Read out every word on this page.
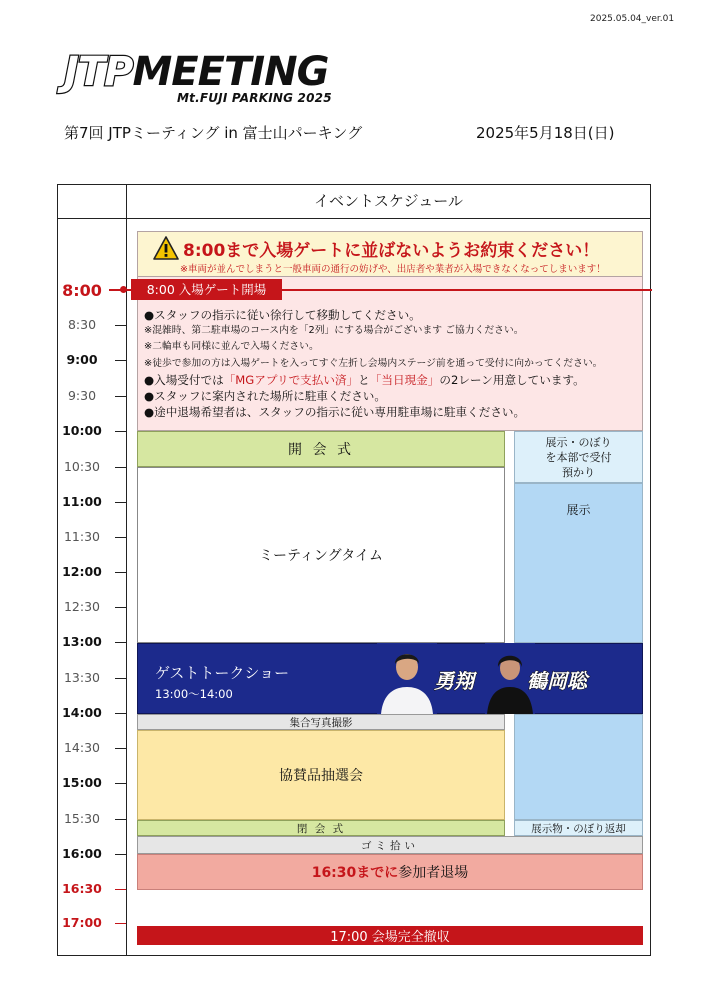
2025.05.04_ver.01
JTPMEETING
Mt.FUJI PARKING 2025
第7回 JTPミーティング in 富士山パーキング	2025年5月18日(日)
イベントスケジュール
8:00
8:30
9:00
9:30
10:00
10:30
11:00
11:30
12:00
12:30
13:00
13:30
14:00
14:30
15:00
15:30
16:00
16:30
17:00
8:00まで入場ゲートに並ばないようお約束ください！
※車両が並んでしまうと一般車両の通行の妨げや、出店者や業者が入場できなくなってしまいます！
8:00 入場ゲート開場
●スタッフの指示に従い徐行して移動してください。
※混雑時、第二駐車場のコース内を「2列」にする場合がございます ご協力ください。
※二輪車も同様に並んで入場ください。
※徒歩で参加の方は入場ゲートを入ってすぐ左折し会場内ステージ前を通って受付に向かってください。
●入場受付では「MGアプリで支払い済」と「当日現金」の2レーン用意しています。
●スタッフに案内された場所に駐車ください。
●途中退場希望者は、スタッフの指示に従い専用駐車場に駐車ください。
開 会 式
ミーティングタイム
展示・のぼり
を本部で受付
預かり
展示
展示物・のぼり返却
ゲストトークショー
13:00〜14:00
勇翔	鶴岡聡
集合写真撮影
協賛品抽選会
閉 会 式
ゴミ拾い
16:30までに 参加者退場
17:00 会場完全撤収
